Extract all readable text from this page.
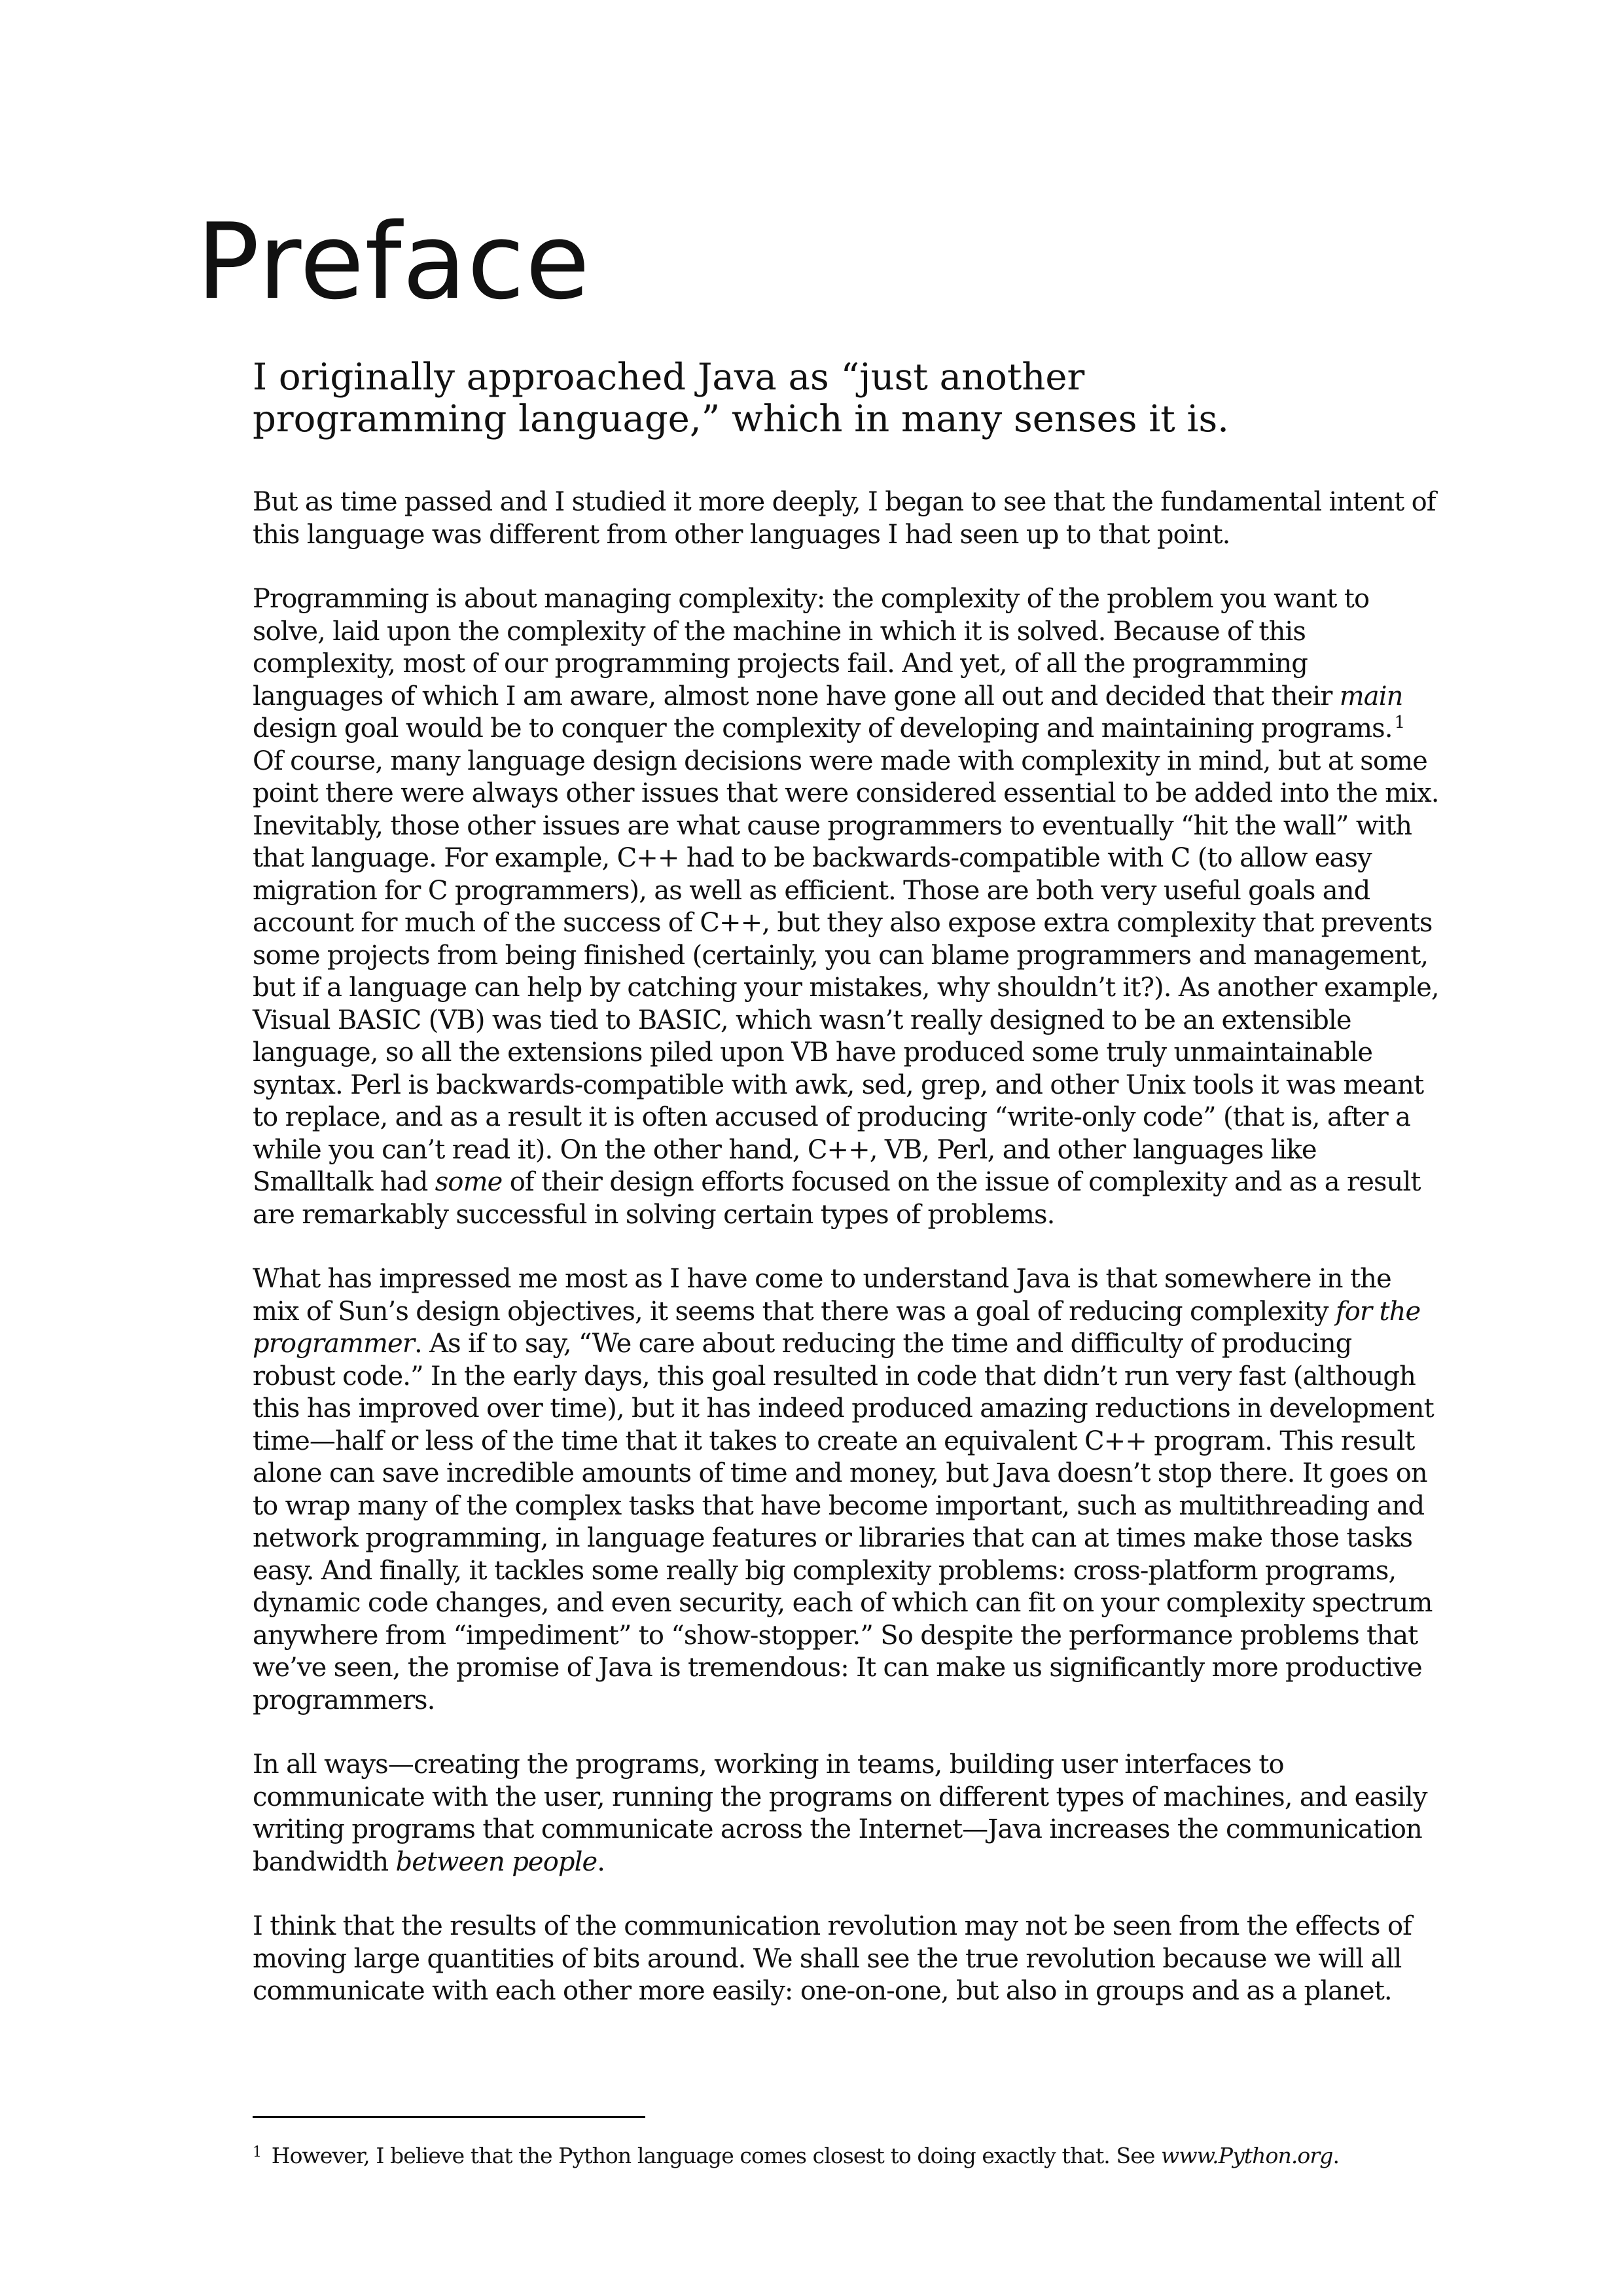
Preface

I originally approached Java as “just another programming language,” which in many senses it is.

But as time passed and I studied it more deeply, I began to see that the fundamental intent of this language was different from other languages I had seen up to that point.

Programming is about managing complexity: the complexity of the problem you want to solve, laid upon the complexity of the machine in which it is solved. Because of this complexity, most of our programming projects fail. And yet, of all the programming languages of which I am aware, almost none have gone all out and decided that their main design goal would be to conquer the complexity of developing and maintaining programs. $^1$ Of course, many language design decisions were made with complexity in mind, but at some point there were always other issues that were considered essential to be added into the mix. Inevitably, those other issues are what cause programmers to eventually “hit the wall” with that language. For example, C++ had to be backwards-compatible with C (to allow easy migration for C programmers), as well as efficient. Those are both very useful goals and account for much of the success of C++, but they also expose extra complexity that prevents some projects from being finished (certainly, you can blame programmers and management, but if a language can help by catching your mistakes, why shouldn’t it?). As another example, Visual BASIC (VB) was tied to BASIC, which wasn’t really designed to be an extensible language, so all the extensions piled upon VB have produced some truly unmaintainable syntax. Perl is backwards-compatible with awk, sed, grep, and other Unix tools it was meant to replace, and as a result it is often accused of producing “write-only code” (that is, after a while you can’t read it). On the other hand, C++, VB, Perl, and other languages like Smalltalk had some of their design efforts focused on the issue of complexity and as a result are remarkably successful in solving certain types of problems.

What has impressed me most as I have come to understand Java is that somewhere in the mix of Sun’s design objectives, it seems that there was a goal of reducing complexity for the programmer. As if to say, “We care about reducing the time and difficulty of producing robust code.” In the early days, this goal resulted in code that didn’t run very fast (although this has improved over time), but it has indeed produced amazing reductions in development time—half or less of the time that it takes to create an equivalent C++ program. This result alone can save incredible amounts of time and money, but Java doesn’t stop there. It goes on to wrap many of the complex tasks that have become important, such as multithreading and network programming, in language features or libraries that can at times make those tasks easy. And finally, it tackles some really big complexity problems: cross-platform programs, dynamic code changes, and even security, each of which can fit on your complexity spectrum anywhere from “impediment” to “show-stopper.” So despite the performance problems that we’ve seen, the promise of Java is tremendous: It can make us significantly more productive programmers.

In all ways—creating the programs, working in teams, building user interfaces to communicate with the user, running the programs on different types of machines, and easily writing programs that communicate across the Internet—Java increases the communication bandwidth between people.

I think that the results of the communication revolution may not be seen from the effects of moving large quantities of bits around. We shall see the true revolution because we will all communicate with each other more easily: one-on-one, but also in groups and as a planet.

$^1$ However, I believe that the Python language comes closest to doing exactly that. See www.Python.org.
